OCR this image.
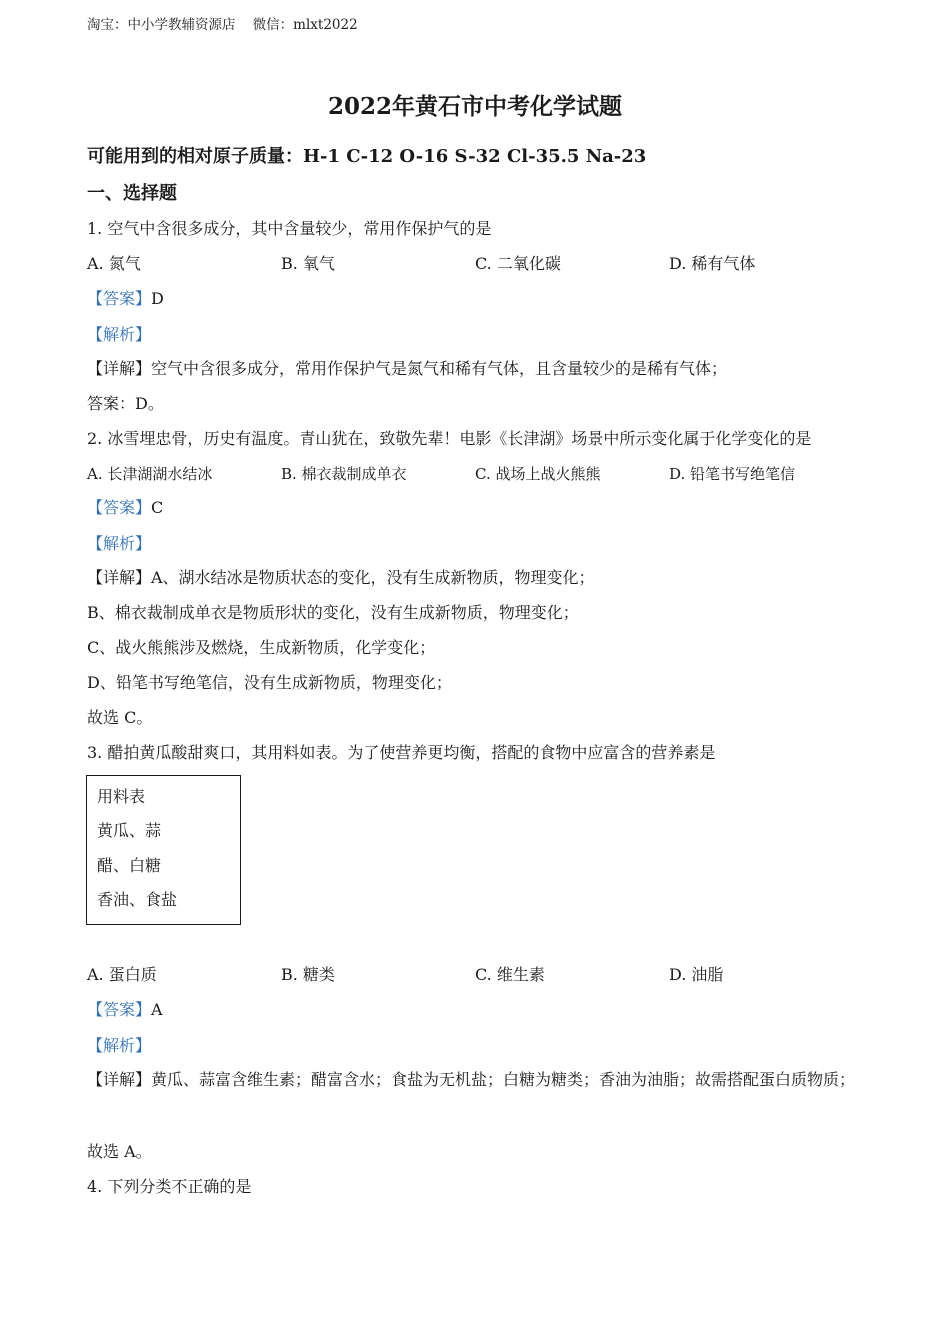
淘宝：中小学教辅资源店    微信：mlxt2022
2022年黄石市中考化学试题
可能用到的相对原子质量：H-1 C-12 O-16 S-32 Cl-35.5 Na-23
一、选择题
1. 空气中含很多成分，其中含量较少，常用作保护气的是
A. 氮气	B. 氧气	C. 二氧化碳	D. 稀有气体
【答案】D
【解析】
【详解】空气中含很多成分，常用作保护气是氮气和稀有气体，且含量较少的是稀有气体；
答案：D。
2. 冰雪埋忠骨，历史有温度。青山犹在，致敬先辈！电影《长津湖》场景中所示变化属于化学变化的是
A. 长津湖湖水结冰	B. 棉衣裁制成单衣	C. 战场上战火熊熊	D. 铅笔书写绝笔信
【答案】C
【解析】
【详解】A、湖水结冰是物质状态的变化，没有生成新物质，物理变化；
B、棉衣裁制成单衣是物质形状的变化，没有生成新物质，物理变化；
C、战火熊熊涉及燃烧，生成新物质，化学变化；
D、铅笔书写绝笔信，没有生成新物质，物理变化；
故选 C。
3. 醋拍黄瓜酸甜爽口，其用料如表。为了使营养更均衡，搭配的食物中应富含的营养素是
用料表
黄瓜、蒜
醋、白糖
香油、食盐
A. 蛋白质	B. 糖类	C. 维生素	D. 油脂
【答案】A
【解析】
【详解】黄瓜、蒜富含维生素；醋富含水；食盐为无机盐；白糖为糖类；香油为油脂；故需搭配蛋白质物质；
故选 A。
4. 下列分类不正确的是
